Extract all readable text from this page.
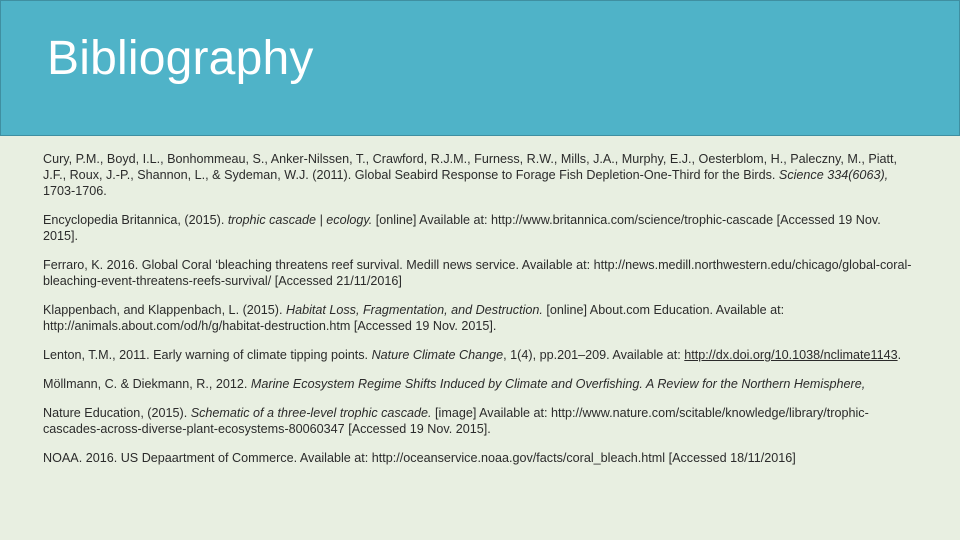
Bibliography

Cury, P.M., Boyd, I.L., Bonhommeau, S., Anker-Nilssen, T., Crawford, R.J.M., Furness, R.W., Mills, J.A., Murphy, E.J., Oesterblom, H., Paleczny, M., Piatt, J.F., Roux, J.-P., Shannon, L., & Sydeman, W.J. (2011). Global Seabird Response to Forage Fish Depletion-One-Third for the Birds. Science 334(6063), 1703-1706.

Encyclopedia Britannica, (2015). trophic cascade | ecology. [online] Available at: http://www.britannica.com/science/trophic-cascade [Accessed 19 Nov. 2015].

Ferraro, K. 2016. Global Coral ‘bleaching threatens reef survival. Medill news service. Available at: http://news.medill.northwestern.edu/chicago/global-coral-bleaching-event-threatens-reefs-survival/ [Accessed 21/11/2016]

Klappenbach, and Klappenbach, L. (2015). Habitat Loss, Fragmentation, and Destruction. [online] About.com Education. Available at: http://animals.about.com/od/h/g/habitat-destruction.htm [Accessed 19 Nov. 2015].

Lenton, T.M., 2011. Early warning of climate tipping points. Nature Climate Change, 1(4), pp.201–209. Available at: http://dx.doi.org/10.1038/nclimate1143.

Möllmann, C. & Diekmann, R., 2012. Marine Ecosystem Regime Shifts Induced by Climate and Overfishing. A Review for the Northern Hemisphere,

Nature Education, (2015). Schematic of a three-level trophic cascade. [image] Available at: http://www.nature.com/scitable/knowledge/library/trophic-cascades-across-diverse-plant-ecosystems-80060347 [Accessed 19 Nov. 2015].

NOAA. 2016. US Depaartment of Commerce. Available at: http://oceanservice.noaa.gov/facts/coral_bleach.html [Accessed 18/11/2016]
